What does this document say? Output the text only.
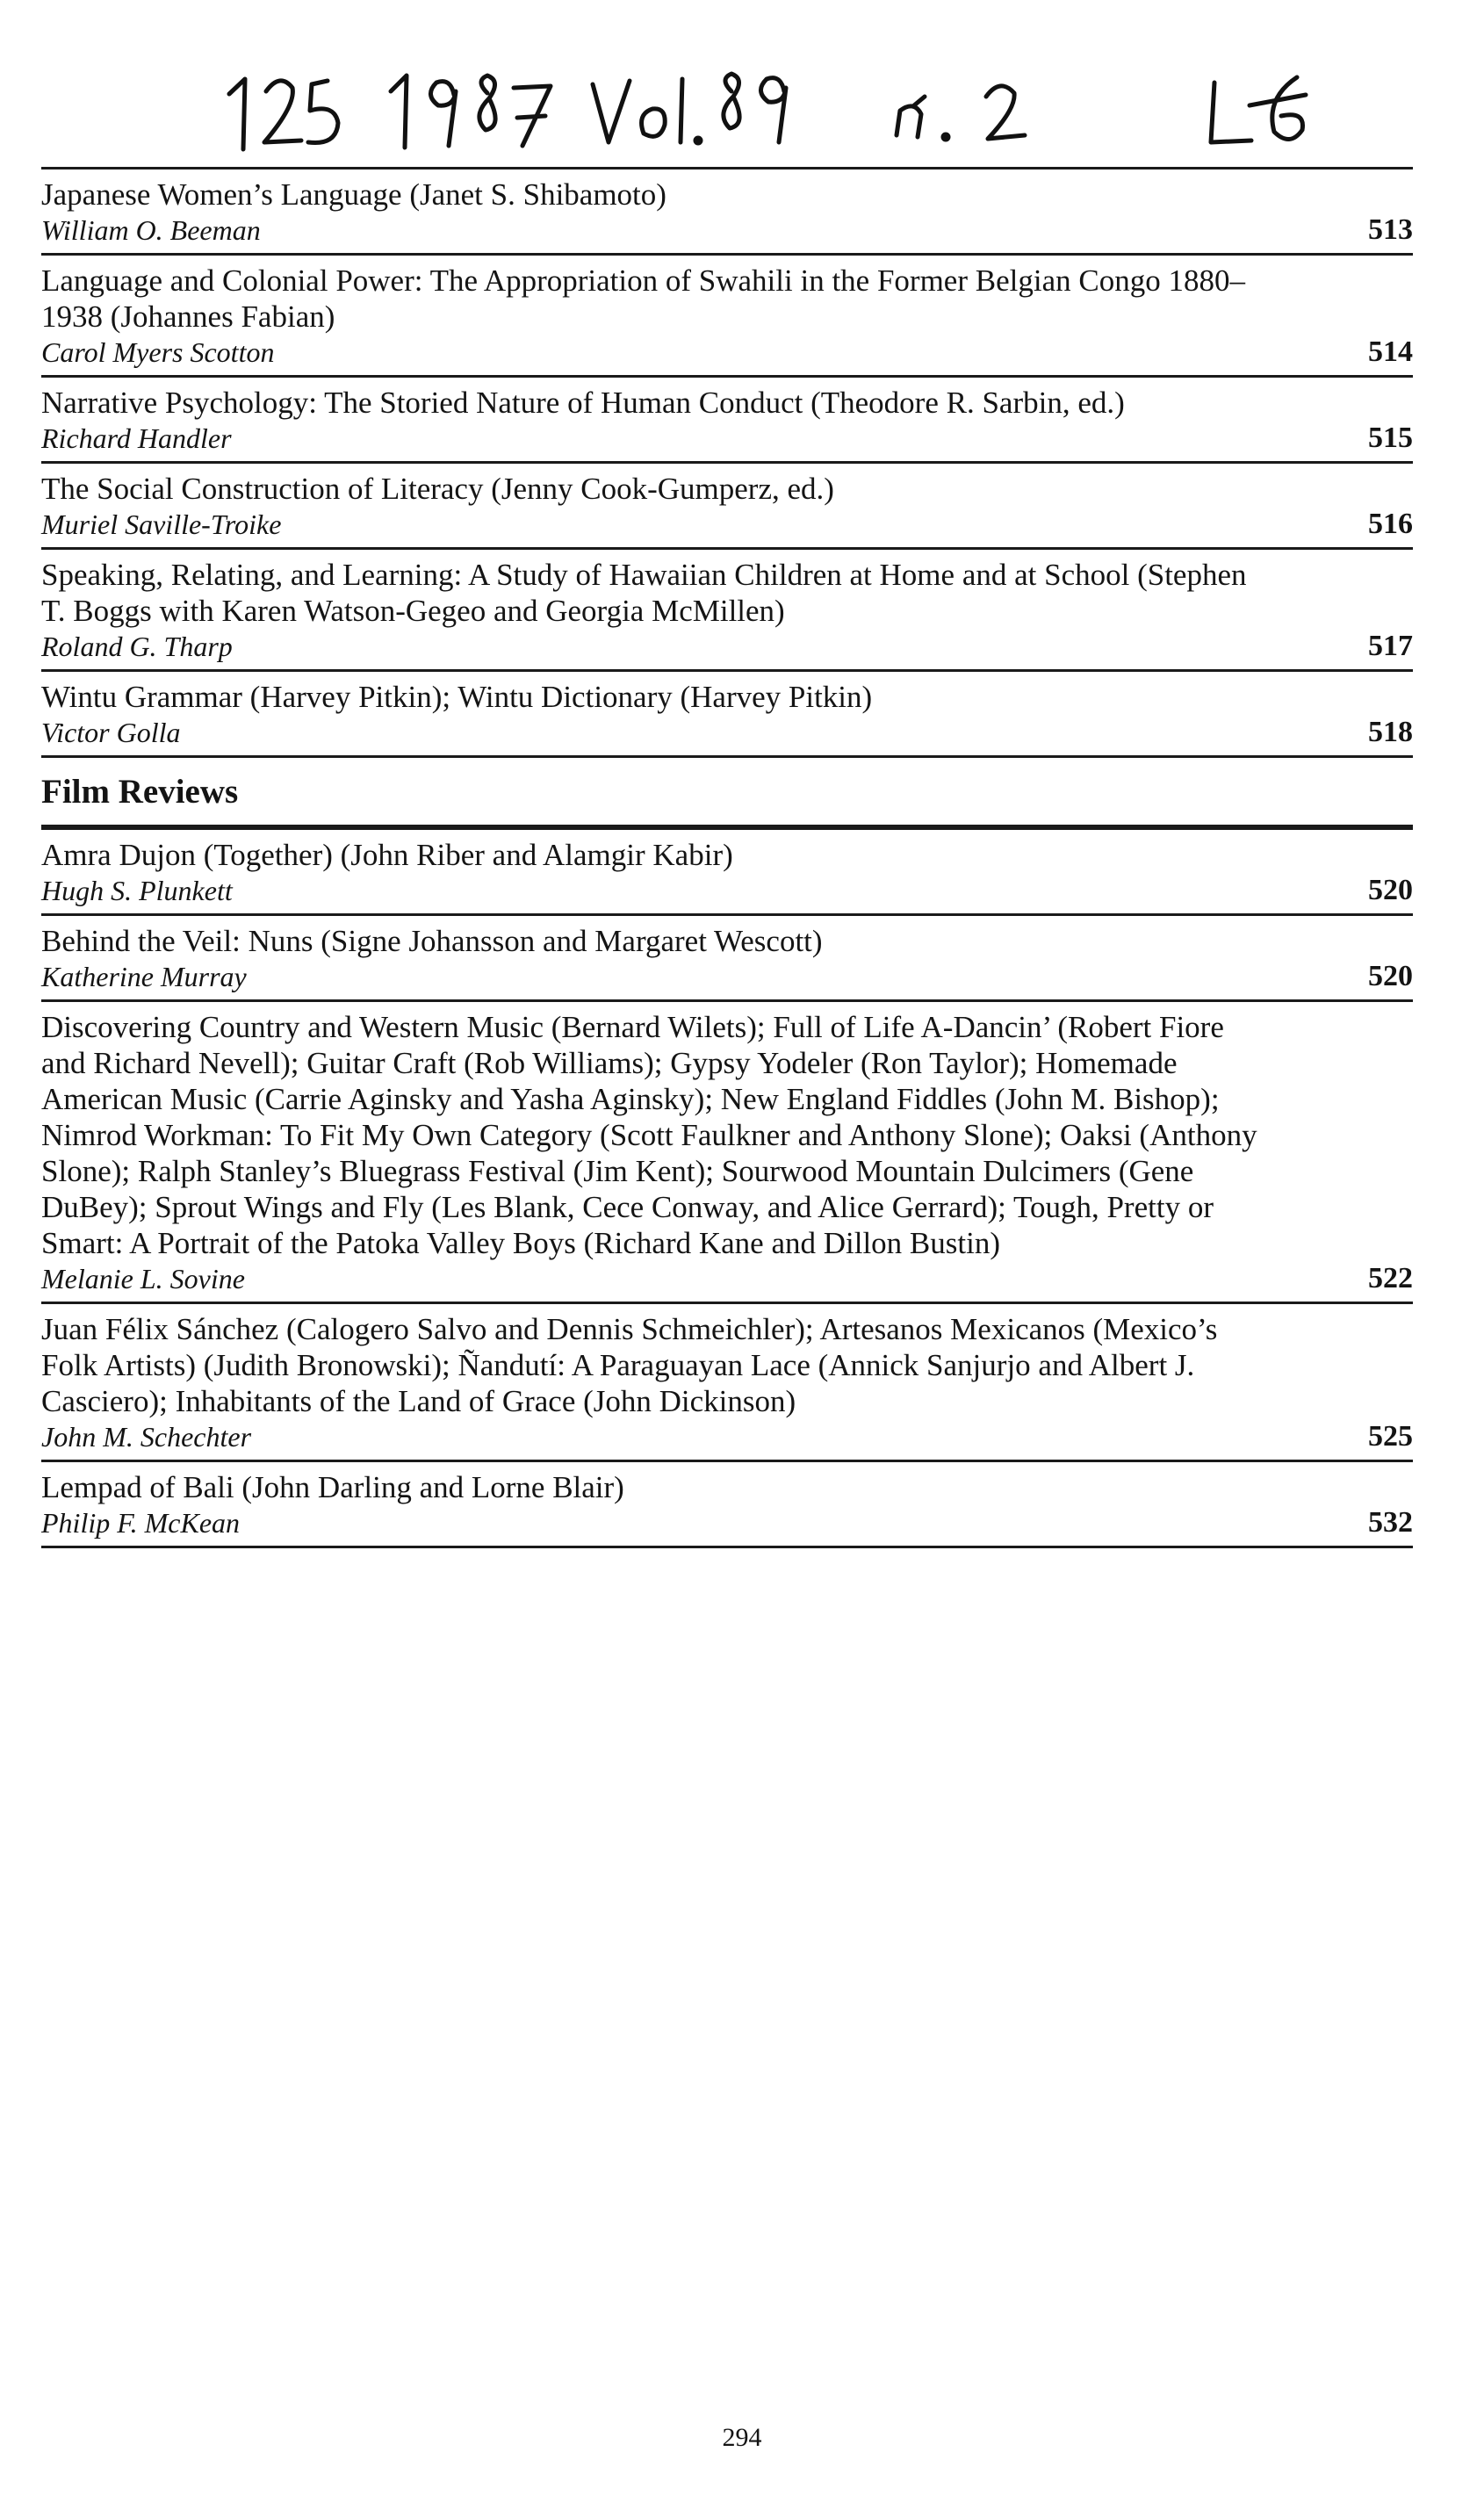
Japanese Women’s Language (Janet S. Shibamoto)

William O. Beeman	513

Language and Colonial Power: The Appropriation of Swahili in the Former Belgian Congo 1880–1938 (Johannes Fabian)

Carol Myers Scotton	514

Narrative Psychology: The Storied Nature of Human Conduct (Theodore R. Sarbin, ed.)

Richard Handler	515

The Social Construction of Literacy (Jenny Cook-Gumperz, ed.)

Muriel Saville-Troike	516

Speaking, Relating, and Learning: A Study of Hawaiian Children at Home and at School (Stephen T. Boggs with Karen Watson-Gegeo and Georgia McMillen)

Roland G. Tharp	517

Wintu Grammar (Harvey Pitkin); Wintu Dictionary (Harvey Pitkin)

Victor Golla	518
Film Reviews

Amra Dujon (Together) (John Riber and Alamgir Kabir)

Hugh S. Plunkett	520

Behind the Veil: Nuns (Signe Johansson and Margaret Wescott)

Katherine Murray	520

Discovering Country and Western Music (Bernard Wilets); Full of Life A-Dancin’ (Robert Fiore and Richard Nevell); Guitar Craft (Rob Williams); Gypsy Yodeler (Ron Taylor); Homemade American Music (Carrie Aginsky and Yasha Aginsky); New England Fiddles (John M. Bishop); Nimrod Workman: To Fit My Own Category (Scott Faulkner and Anthony Slone); Oaksi (Anthony Slone); Ralph Stanley’s Bluegrass Festival (Jim Kent); Sourwood Mountain Dulcimers (Gene DuBey); Sprout Wings and Fly (Les Blank, Cece Conway, and Alice Gerrard); Tough, Pretty or Smart: A Portrait of the Patoka Valley Boys (Richard Kane and Dillon Bustin)

Melanie L. Sovine	522

Juan Félix Sánchez (Calogero Salvo and Dennis Schmeichler); Artesanos Mexicanos (Mexico’s Folk Artists) (Judith Bronowski); Ñandutí: A Paraguayan Lace (Annick Sanjurjo and Albert J. Casciero); Inhabitants of the Land of Grace (John Dickinson)

John M. Schechter	525

Lempad of Bali (John Darling and Lorne Blair)

Philip F. McKean	532
294
